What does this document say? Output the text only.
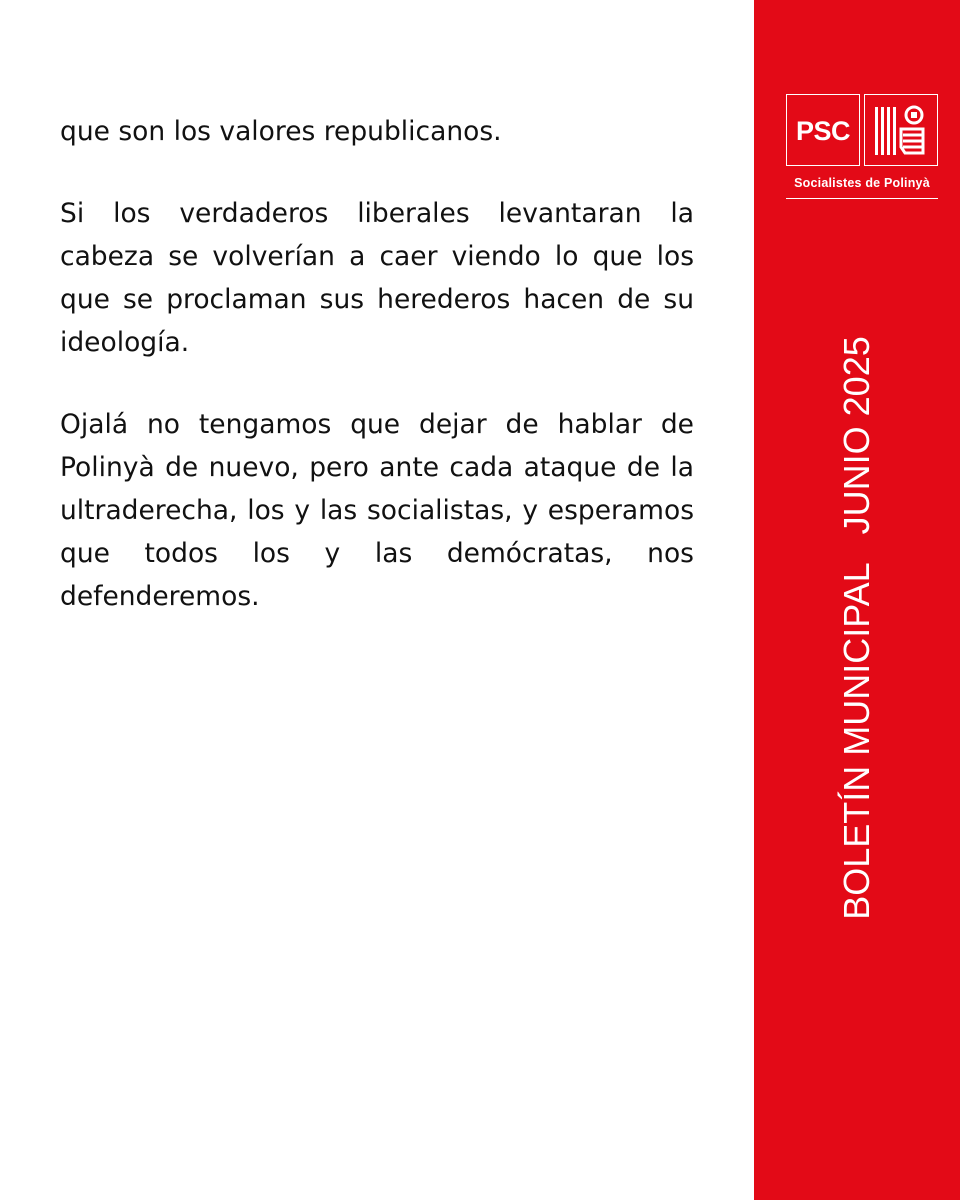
que son los valores republicanos.

Si los verdaderos liberales levantaran la cabeza se volverían a caer viendo lo que los que se proclaman sus herederos hacen de su ideología.

Ojalá no tengamos que dejar de hablar de Polinyà de nuevo, pero ante cada ataque de la ultraderecha, los y las socialistas, y esperamos que todos los y las demócratas, nos defenderemos.

PSC
Socialistes de Polinyà
BOLETÍN MUNICIPALJUNIO 2025
